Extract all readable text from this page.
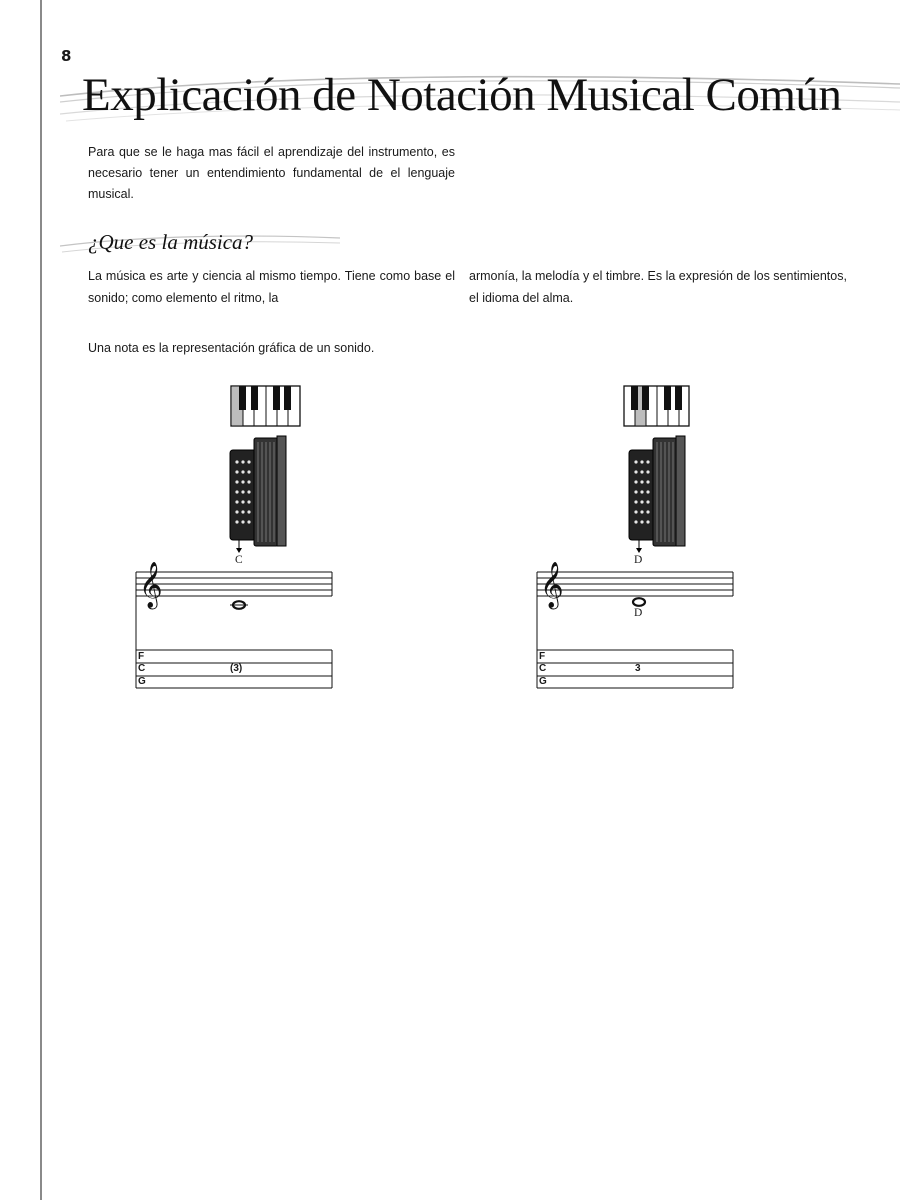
8
Explicación de Notación Musical Común

Para que se le haga mas fácil el aprendizaje del instrumento, es necesario tener un entendimiento fundamental de el lenguaje musical.

¿Que es la música?

La música es arte y ciencia al mismo tiempo. Tiene como base el sonido; como elemento el ritmo, la

armonía, la melodía y el timbre. Es la expresión de los sentimientos, el idioma del alma.

Una nota es la representación gráfica de un sonido.

𝄞
C
F
C
G
(3)
𝄞
D
D
F
C
G
3
